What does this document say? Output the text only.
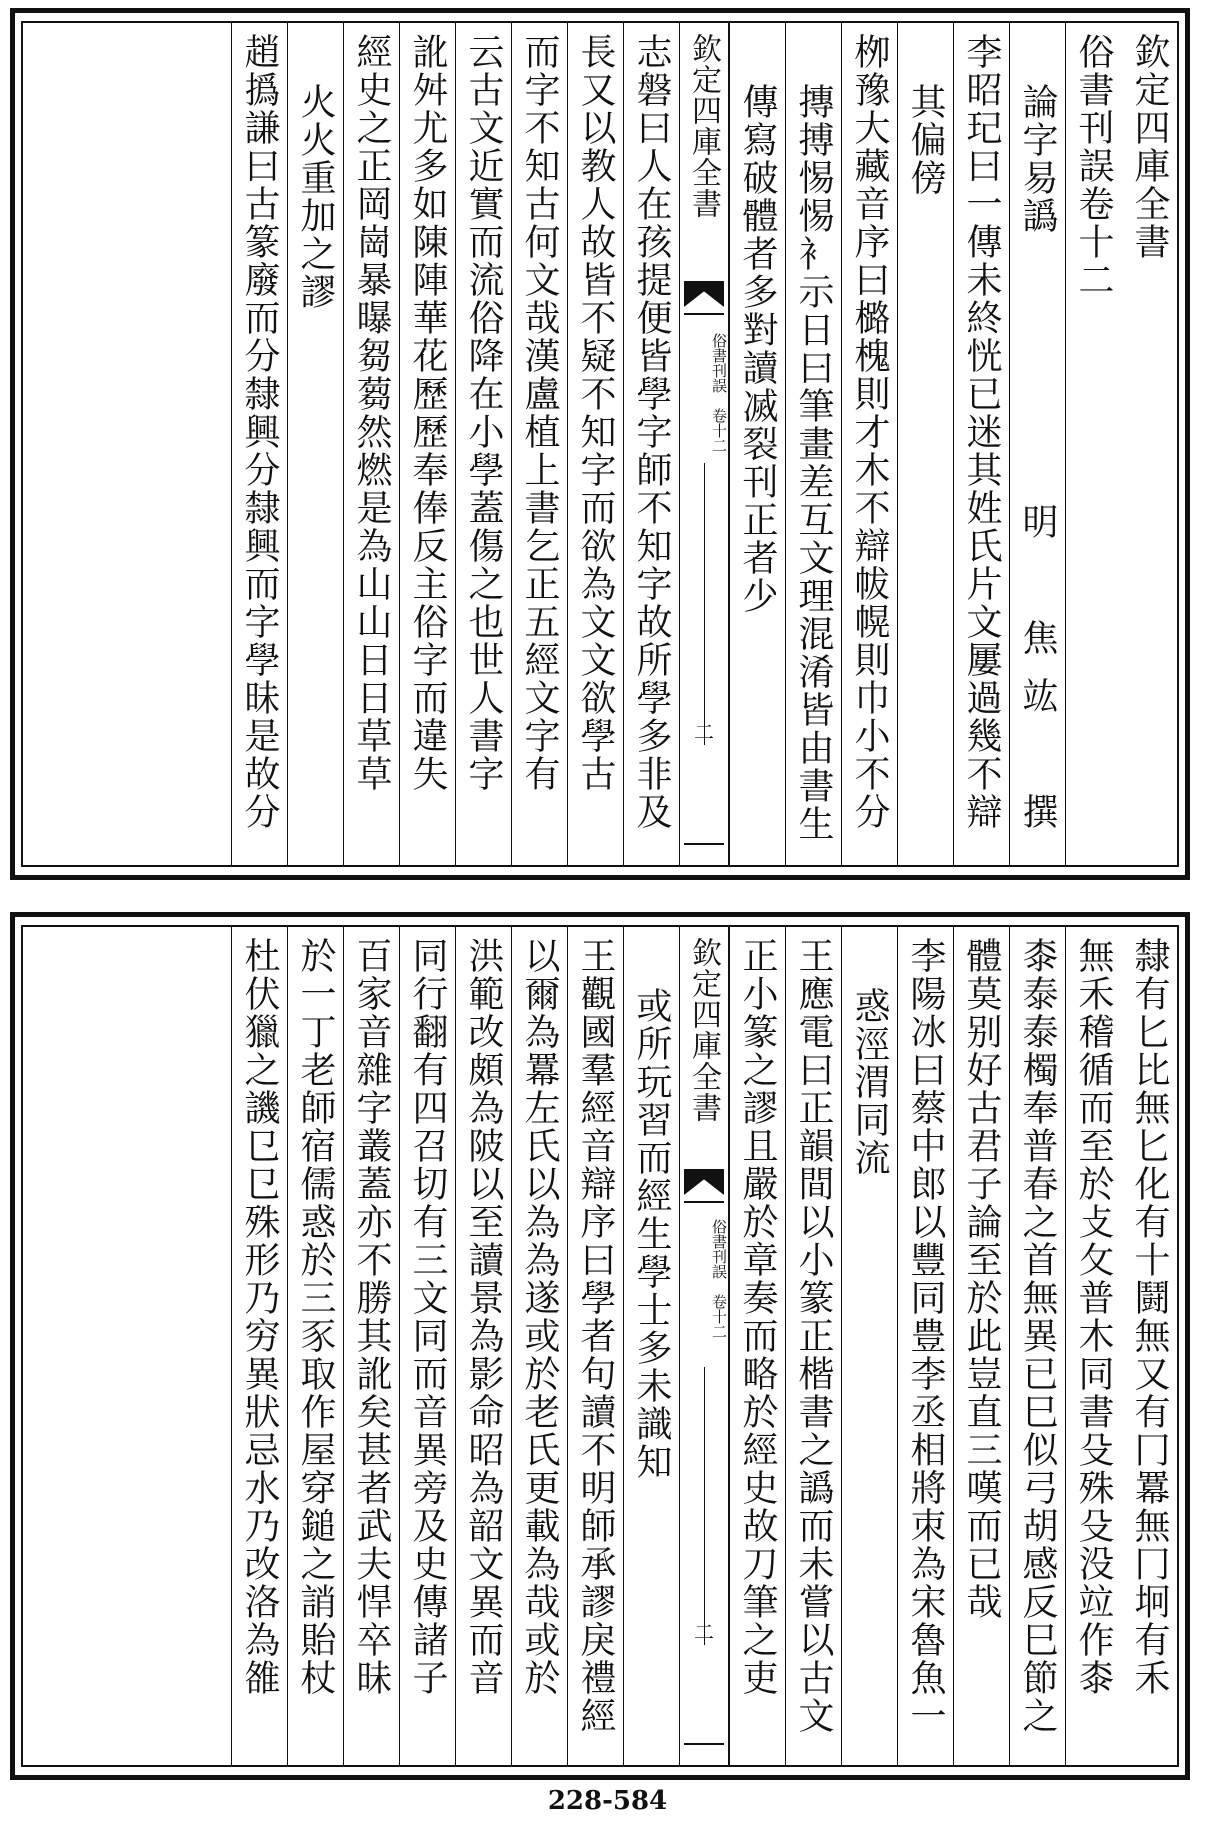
欽定四庫全書
俗書刊誤卷十二
論字易譌
明　焦竑　撰
李昭玘曰一傳未終恍已迷其姓氏片文屢過幾不辯
其偏傍
栁豫大藏音序曰㯝槐則才木不辯帗幌則巾小不分
摶搏惕惕衤示日曰筆畫差互文理混淆皆由書生
傳寫破體者多對讀㓕裂刊正者少
欽定四庫全書
俗書刊誤　卷十二
二
志磐曰人在孩提便皆學字師不知字故所學多非及
長又以教人故皆不疑不知字而欲為文文欲學古
而字不知古何文哉漢盧植上書乞正五經文字有
云古文近實而流俗降在小學蓋傷之也世人書字
訛舛尤多如陳陣華花歷歷奉俸反主俗字而違失
經史之正岡崗暴曝芻蒭然燃是為山山日日草草
火火重加之謬
趙撝謙曰古篆廢而分隸興分隸興而字學昧是故分
隸有匕比無匕化有十鬪無又有冂羃無冂坰有禾
無禾稽循而至於攴攵普木同書殳殊殳没竝作桼
桼泰泰㯮奉普春之首無異已巳似弓胡感反巳節之
體莫别好古君子論至於此豈直三嘆而已哉
李陽冰曰蔡中郎以豐同豊李丞相將朿為宋魯魚一
惑涇渭同流
王應電曰正韻間以小篆正楷書之譌而未嘗以古文
正小篆之謬且嚴於章奏而略於經史故刀筆之吏
欽定四庫全書
俗書刊誤　卷十二
二
或所玩習而經生學士多未識知
王觀國羣經音辯序曰學者句讀不明師承謬戾禮經
以爾為羃左氏以為為遂或於老氏更載為哉或於
洪範改頗為陂以至讀景為影命昭為韶文異而音
同行翻有四召切有三文同而音異旁及史傳諸子
百家音雜字叢蓋亦不勝其訛矣甚者武夫悍卒昧
於一丁老師宿儒惑於三豕取作屋穿鎚之誚貽杖
杜伏獵之譏㔾㔾殊形乃穷異狀忌水乃改洛為雒
228-584
